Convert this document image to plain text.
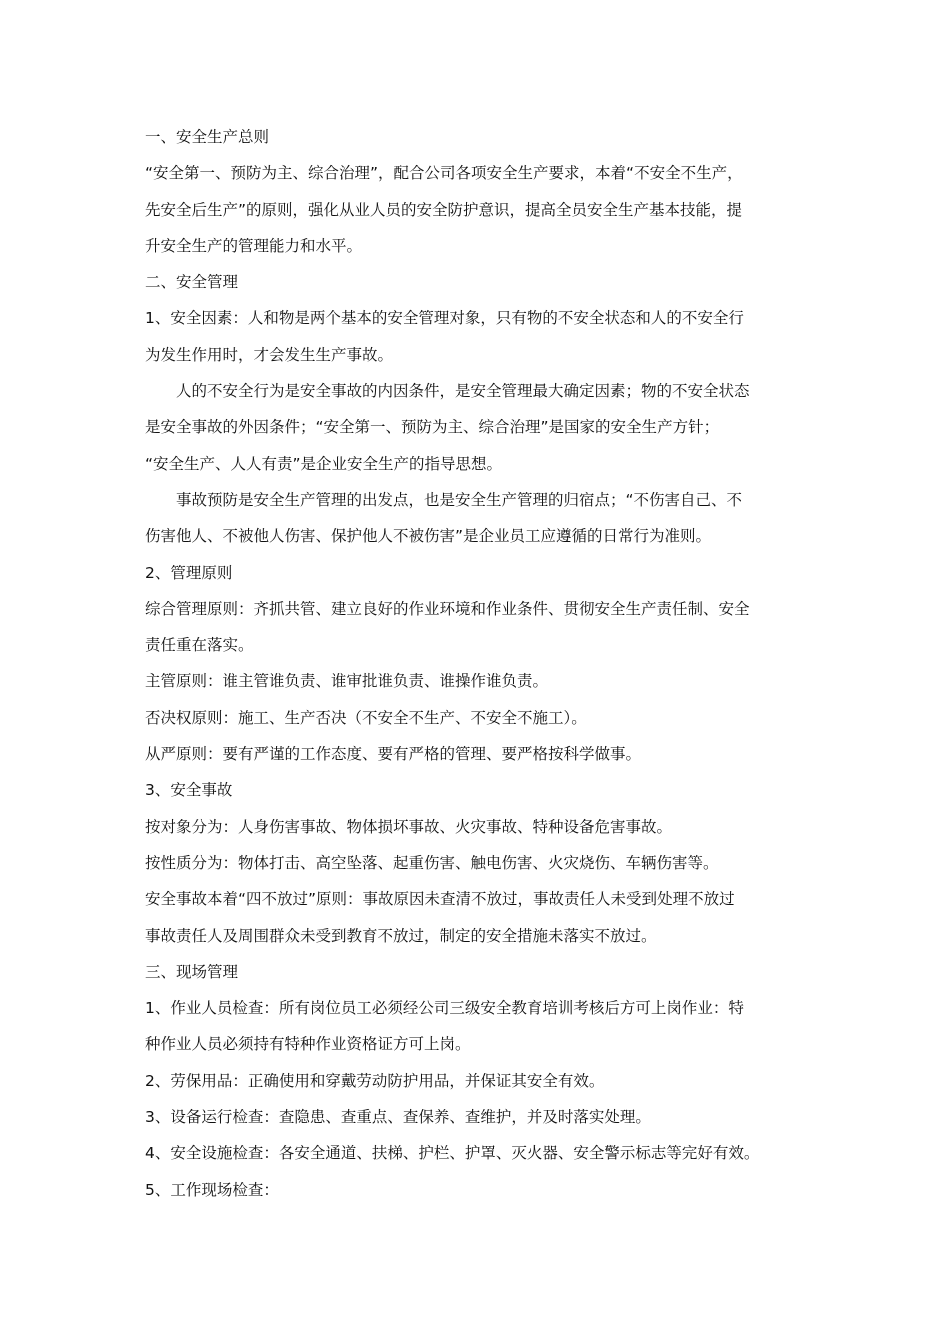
一、安全生产总则
“安全第一、预防为主、综合治理”，配合公司各项安全生产要求，本着“不安全不生产，
先安全后生产”的原则，强化从业人员的安全防护意识，提高全员安全生产基本技能，提
升安全生产的管理能力和水平。
二、安全管理
1、安全因素：人和物是两个基本的安全管理对象，只有物的不安全状态和人的不安全行
为发生作用时，才会发生生产事故。
人的不安全行为是安全事故的内因条件，是安全管理最大确定因素；物的不安全状态
是安全事故的外因条件；“安全第一、预防为主、综合治理”是国家的安全生产方针；
“安全生产、人人有责”是企业安全生产的指导思想。
事故预防是安全生产管理的出发点，也是安全生产管理的归宿点；“不伤害自己、不
伤害他人、不被他人伤害、保护他人不被伤害”是企业员工应遵循的日常行为准则。
2、管理原则
综合管理原则：齐抓共管、建立良好的作业环境和作业条件、贯彻安全生产责任制、安全
责任重在落实。
主管原则：谁主管谁负责、谁审批谁负责、谁操作谁负责。
否决权原则：施工、生产否决（不安全不生产、不安全不施工）。
从严原则：要有严谨的工作态度、要有严格的管理、要严格按科学做事。
3、安全事故
按对象分为：人身伤害事故、物体损坏事故、火灾事故、特种设备危害事故。
按性质分为：物体打击、高空坠落、起重伤害、触电伤害、火灾烧伤、车辆伤害等。
安全事故本着“四不放过”原则：事故原因未查清不放过，事故责任人未受到处理不放过
事故责任人及周围群众未受到教育不放过，制定的安全措施未落实不放过。
三、现场管理
1、作业人员检查：所有岗位员工必须经公司三级安全教育培训考核后方可上岗作业：特
种作业人员必须持有特种作业资格证方可上岗。
2、劳保用品：正确使用和穿戴劳动防护用品，并保证其安全有效。
3、设备运行检查：查隐患、查重点、查保养、查维护，并及时落实处理。
4、安全设施检查：各安全通道、扶梯、护栏、护罩、灭火器、安全警示标志等完好有效。
5、工作现场检查：
